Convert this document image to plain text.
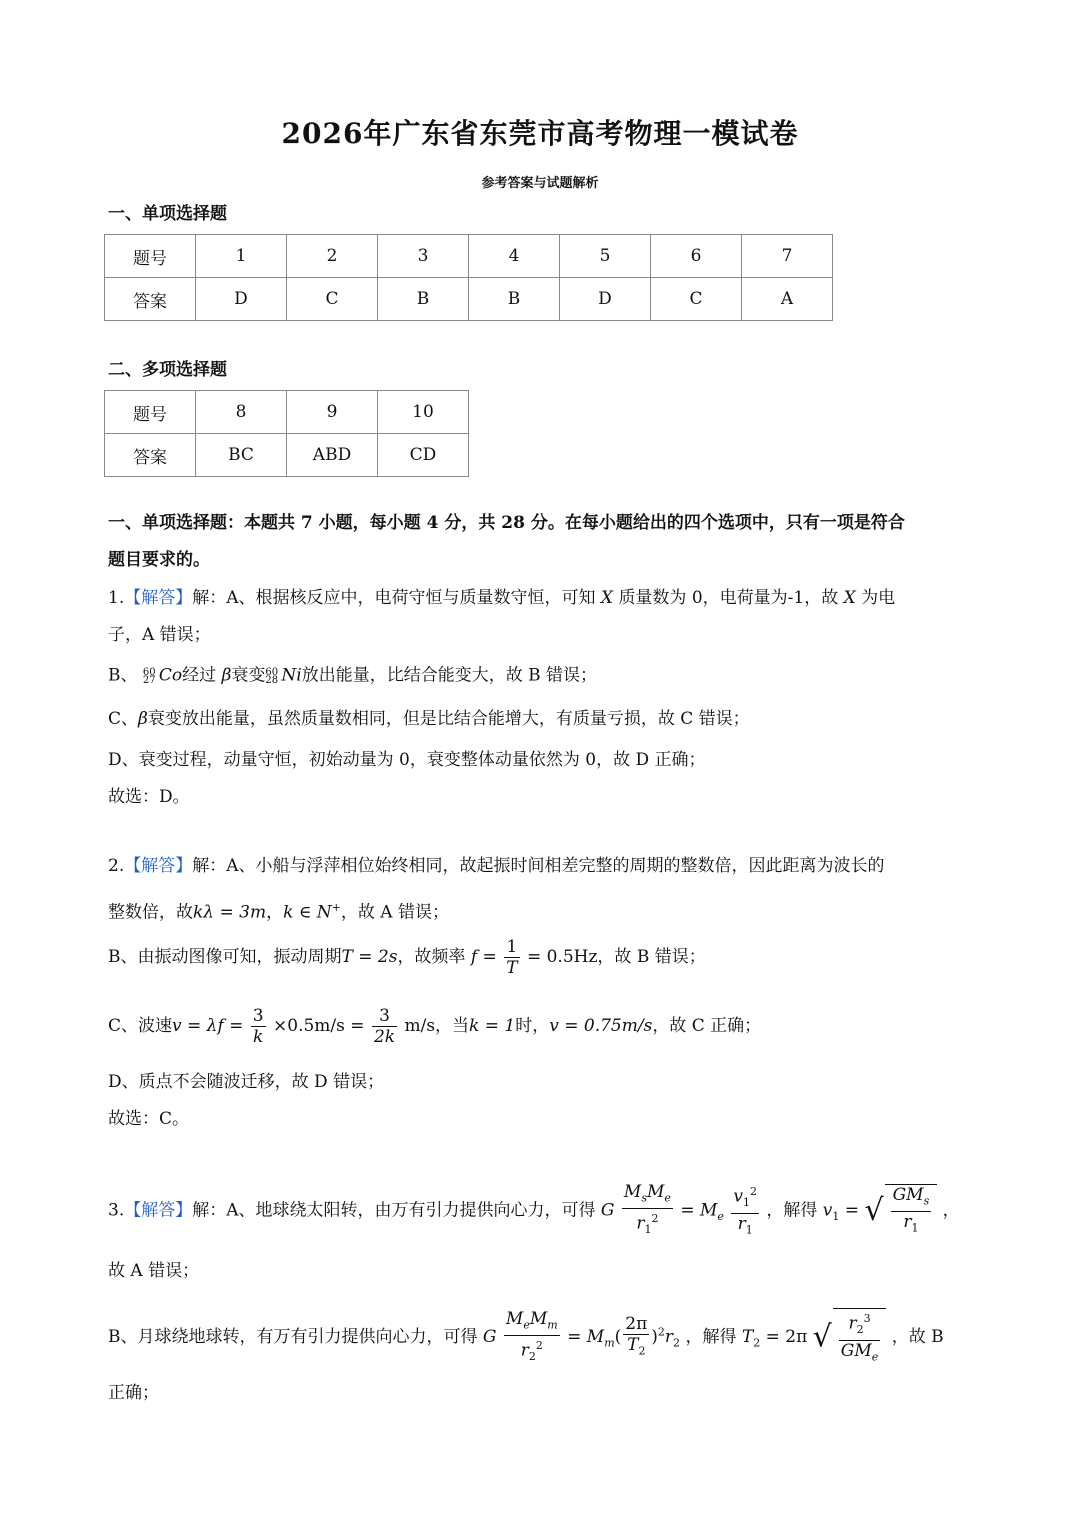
2026年广东省东莞市高考物理一模试卷
参考答案与试题解析
一、单项选择题
题号	1	2	3	4	5	6	7
答案	D	C	B	B	D	C	A
二、多项选择题
题号	8	9	10
答案	BC	ABD	CD
一、单项选择题：本题共 7 小题，每小题 4 分，共 28 分。在每小题给出的四个选项中，只有一项是符合
题目要求的。
1.【解答】解：A、根据核反应中，电荷守恒与质量数守恒，可知 X 质量数为 0，电荷量为-1，故 X 为电
子，A 错误；
B、 60
27 Co经过 β衰变 60
28 Ni放出能量，比结合能变大，故 B 错误；
C、β衰变放出能量，虽然质量数相同，但是比结合能增大，有质量亏损，故 C 错误；
D、衰变过程，动量守恒，初始动量为 0，衰变整体动量依然为 0，故 D 正确；
故选：D。
2.【解答】解：A、小船与浮萍相位始终相同，故起振时间相差完整的周期的整数倍，因此距离为波长的
整数倍，故kλ = 3m，k ∈ N+，故 A 错误；
B、由振动图像可知，振动周期T = 2s，故频率 $f = \frac{1}{T} = 0.5Hz$，故 B 错误；
C、波速$v = \lambda f = \frac{3}{k} \times 0.5m/s = \frac{3}{2k} m/s$，当k = 1时，v = 0.75m/s，故 C 正确；
D、质点不会随波迁移，故 D 错误；
故选：C。
3.【解答】解：A、地球绕太阳转，由万有引力提供向心力，可得 G $\frac{M_sM_e}{r_1^2} = M_e \frac{v_1^2}{r_1}$ ，解得 $v_1$ = √ $\frac{GM_s}{r_1}$ ，
故 A 错误；
B、月球绕地球转，有万有引力提供向心力，可得 G $\frac{M_eM_m}{r_2^2} = M_m( \frac{2\pi}{T_2} )^2r_2$ ，解得 $T_2 = 2\pi$ √ $\frac{r_2^3}{GM_e}$ ，故 B
正确；
